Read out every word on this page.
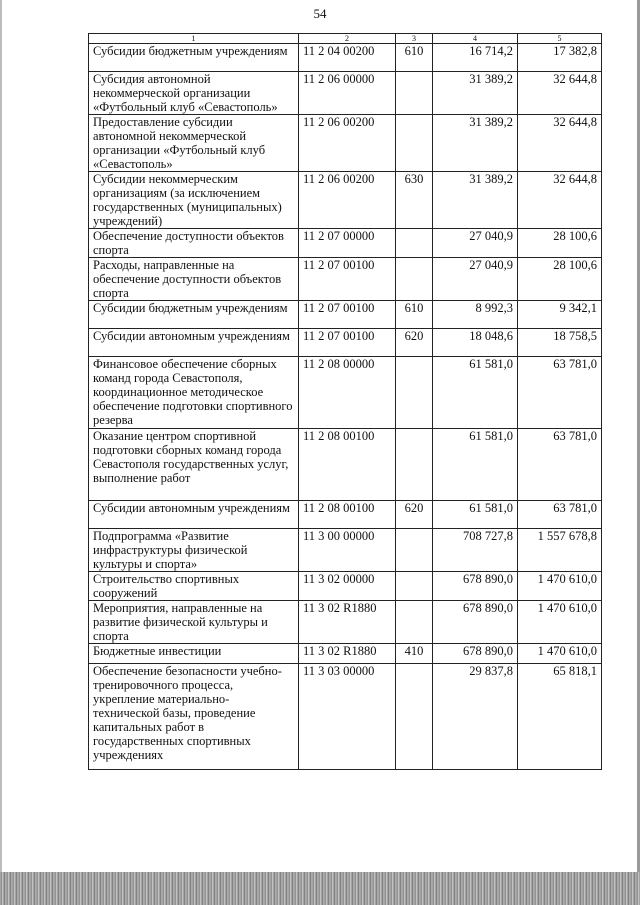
54
1	2	3	4	5
Субсидии бюджетным учреждениям	11 2 04 00200	610	16 714,2	17 382,8
Субсидия автономной некоммерческой организации «Футбольный клуб «Севастополь»	11 2 06 00000		31 389,2	32 644,8
Предоставление субсидии автономной некоммерческой организации «Футбольный клуб «Севастополь»	11 2 06 00200		31 389,2	32 644,8
Субсидии некоммерческим организациям (за исключением государственных (муниципальных) учреждений)	11 2 06 00200	630	31 389,2	32 644,8
Обеспечение доступности объектов спорта	11 2 07 00000		27 040,9	28 100,6
Расходы, направленные на обеспечение доступности объектов спорта	11 2 07 00100		27 040,9	28 100,6
Субсидии бюджетным учреждениям	11 2 07 00100	610	8 992,3	9 342,1
Субсидии автономным учреждениям	11 2 07 00100	620	18 048,6	18 758,5
Финансовое обеспечение сборных команд города Севастополя, координационное методическое обеспечение подготовки спортивного резерва	11 2 08 00000		61 581,0	63 781,0
Оказание центром спортивной подготовки сборных команд города Севастополя государственных услуг, выполнение работ	11 2 08 00100		61 581,0	63 781,0
Субсидии автономным учреждениям	11 2 08 00100	620	61 581,0	63 781,0
Подпрограмма «Развитие инфраструктуры физической культуры и спорта»	11 3 00 00000		708 727,8	1 557 678,8
Строительство спортивных сооружений	11 3 02 00000		678 890,0	1 470 610,0
Мероприятия, направленные на развитие физической культуры и спорта	11 3 02 R1880		678 890,0	1 470 610,0
Бюджетные инвестиции	11 3 02 R1880	410	678 890,0	1 470 610,0
Обеспечение безопасности учебно-тренировочного процесса, укрепление материально-технической базы, проведение капитальных работ в государственных спортивных учреждениях	11 3 03 00000		29 837,8	65 818,1
